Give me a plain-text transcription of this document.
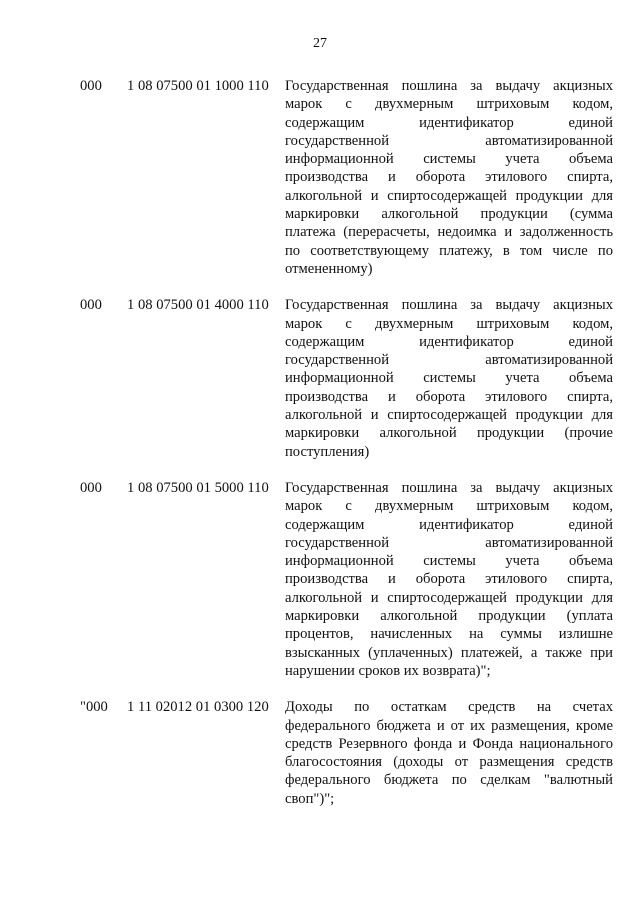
27
000 1 08 07500 01 1000 110 Государственная пошлина за выдачу акцизных
марок с двухмерным штриховым кодом,
содержащим идентификатор единой
государственной автоматизированной
информационной системы учета объема
производства и оборота этилового спирта,
алкогольной и спиртосодержащей продукции для
маркировки алкогольной продукции (сумма
платежа (перерасчеты, недоимка и задолженность
по соответствующему платежу, в том числе по
отмененному)
000 1 08 07500 01 4000 110 Государственная пошлина за выдачу акцизных
марок с двухмерным штриховым кодом,
содержащим идентификатор единой
государственной автоматизированной
информационной системы учета объема
производства и оборота этилового спирта,
алкогольной и спиртосодержащей продукции для
маркировки алкогольной продукции (прочие
поступления)
000 1 08 07500 01 5000 110 Государственная пошлина за выдачу акцизных
марок с двухмерным штриховым кодом,
содержащим идентификатор единой
государственной автоматизированной
информационной системы учета объема
производства и оборота этилового спирта,
алкогольной и спиртосодержащей продукции для
маркировки алкогольной продукции (уплата
процентов, начисленных на суммы излишне
взысканных (уплаченных) платежей, а также при
нарушении сроков их возврата)";
"000 1 11 02012 01 0300 120 Доходы по остаткам средств на счетах
федерального бюджета и от их размещения, кроме
средств Резервного фонда и Фонда национального
благосостояния (доходы от размещения средств
федерального бюджета по сделкам "валютный
своп")";
